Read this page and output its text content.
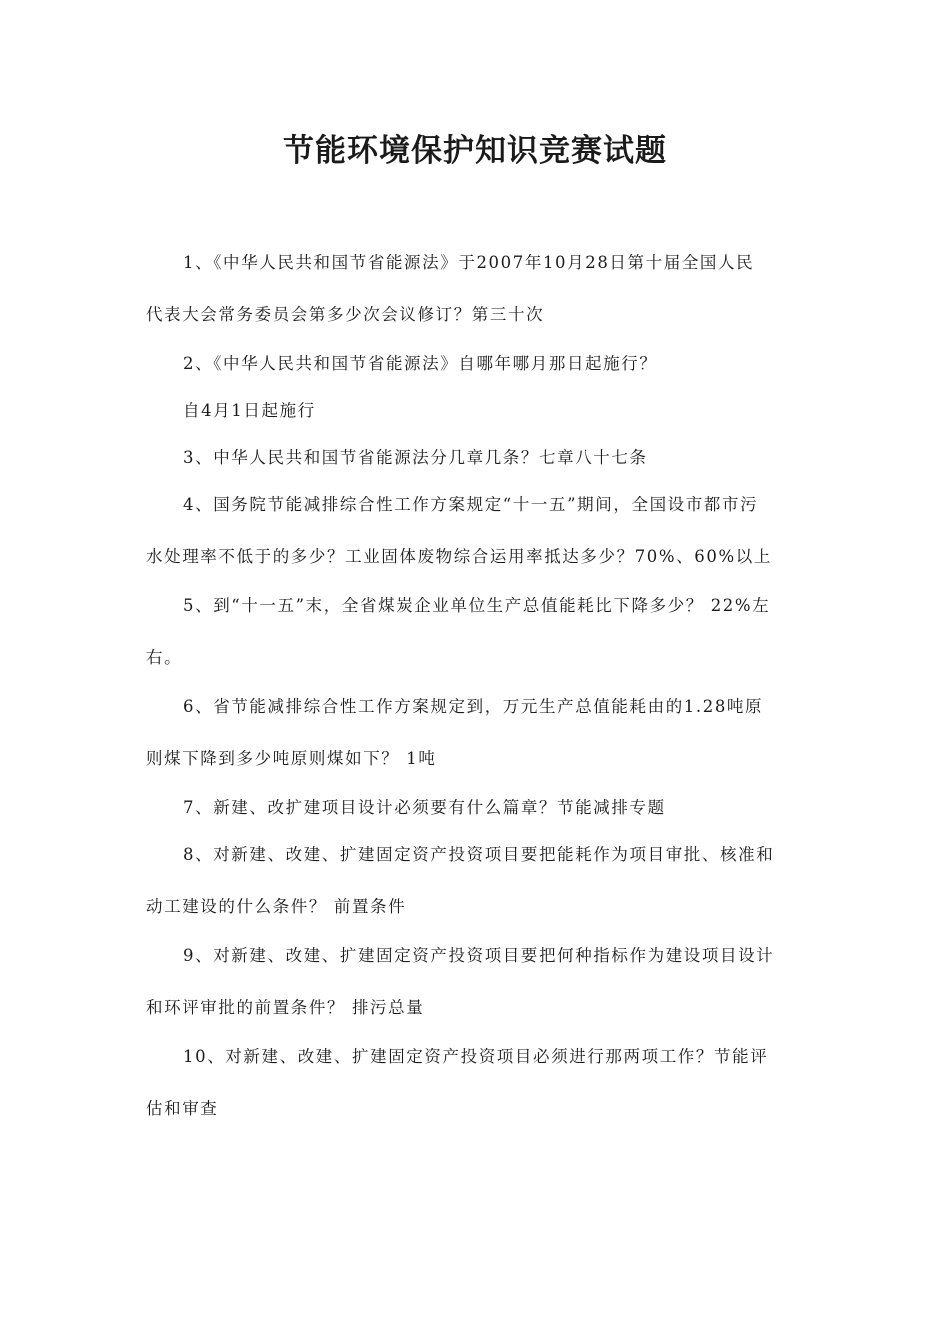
节能环境保护知识竞赛试题
1、《中华人民共和国节省能源法》于2007年10月28日第十届全国人民
代表大会常务委员会第多少次会议修订？第三十次
2、《中华人民共和国节省能源法》自哪年哪月那日起施行？
自4月1日起施行
3、中华人民共和国节省能源法分几章几条？七章八十七条
4、国务院节能减排综合性工作方案规定“十一五”期间，全国设市都市污
水处理率不低于的多少？工业固体废物综合运用率抵达多少？70%、60%以上
5、到“十一五”末，全省煤炭企业单位生产总值能耗比下降多少？ 22%左
右。
6、省节能减排综合性工作方案规定到，万元生产总值能耗由的1.28吨原
则煤下降到多少吨原则煤如下？ 1吨
7、新建、改扩建项目设计必须要有什么篇章？节能减排专题
8、对新建、改建、扩建固定资产投资项目要把能耗作为项目审批、核准和
动工建设的什么条件？ 前置条件
9、对新建、改建、扩建固定资产投资项目要把何种指标作为建设项目设计
和环评审批的前置条件？ 排污总量
10、对新建、改建、扩建固定资产投资项目必须进行那两项工作？节能评
估和审查
